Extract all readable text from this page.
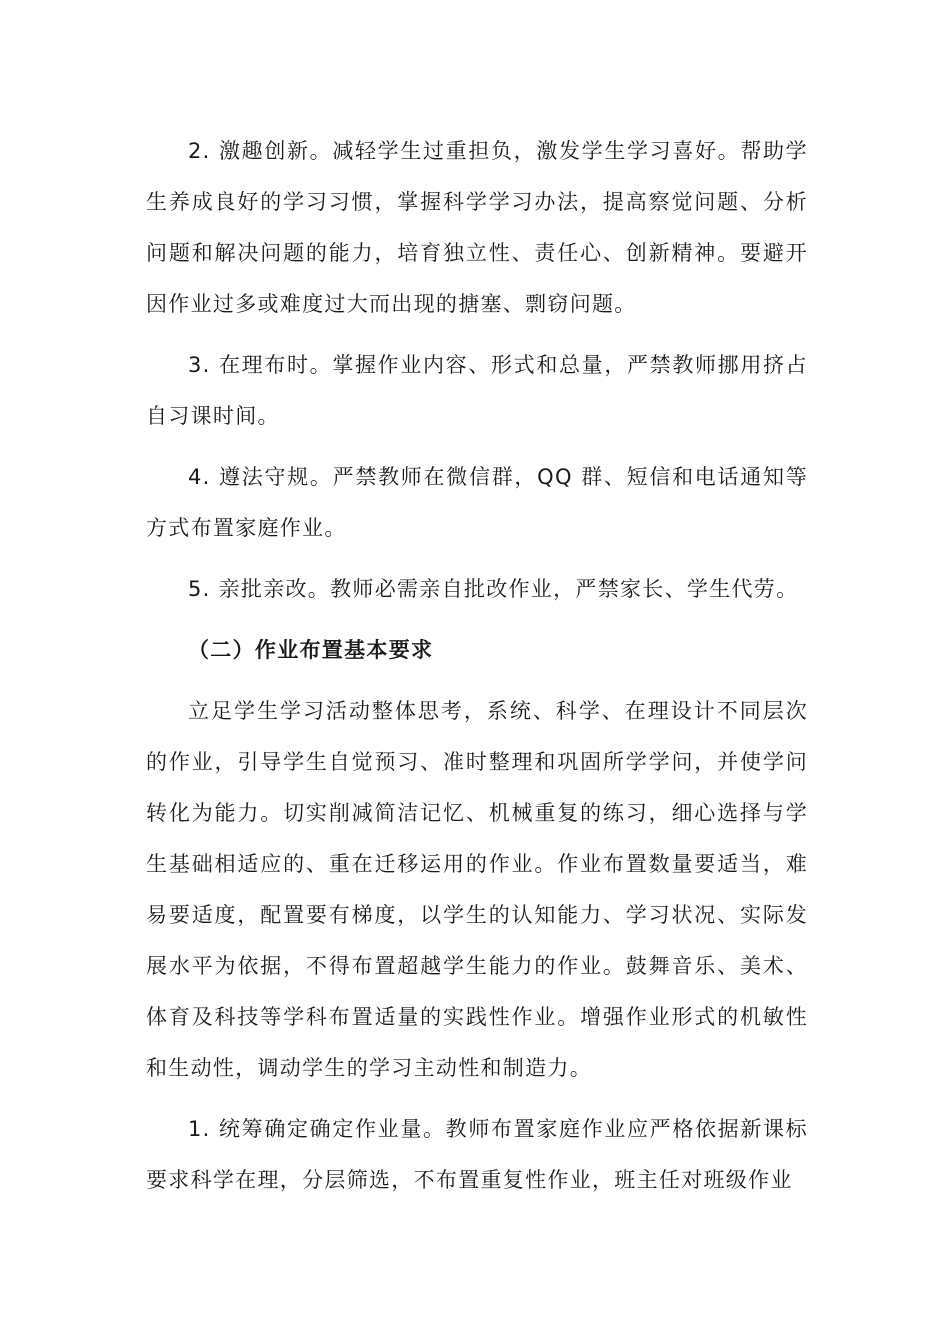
2. 激趣创新。减轻学生过重担负，激发学生学习喜好。帮助学生养成良好的学习习惯，掌握科学学习办法，提高察觉问题、分析问题和解决问题的能力，培育独立性、责任心、创新精神。要避开因作业过多或难度过大而出现的搪塞、剽窃问题。

3. 在理布时。掌握作业内容、形式和总量，严禁教师挪用挤占自习课时间。

4. 遵法守规。严禁教师在微信群，QQ 群、短信和电话通知等方式布置家庭作业。

5. 亲批亲改。教师必需亲自批改作业，严禁家长、学生代劳。

（二）作业布置基本要求

立足学生学习活动整体思考，系统、科学、在理设计不同层次的作业，引导学生自觉预习、准时整理和巩固所学学问，并使学问转化为能力。切实削减简洁记忆、机械重复的练习，细心选择与学生基础相适应的、重在迁移运用的作业。作业布置数量要适当，难易要适度，配置要有梯度，以学生的认知能力、学习状况、实际发展水平为依据，不得布置超越学生能力的作业。鼓舞音乐、美术、体育及科技等学科布置适量的实践性作业。增强作业形式的机敏性和生动性，调动学生的学习主动性和制造力。

1. 统筹确定确定作业量。教师布置家庭作业应严格依据新课标要求科学在理，分层筛选，不布置重复性作业，班主任对班级作业
